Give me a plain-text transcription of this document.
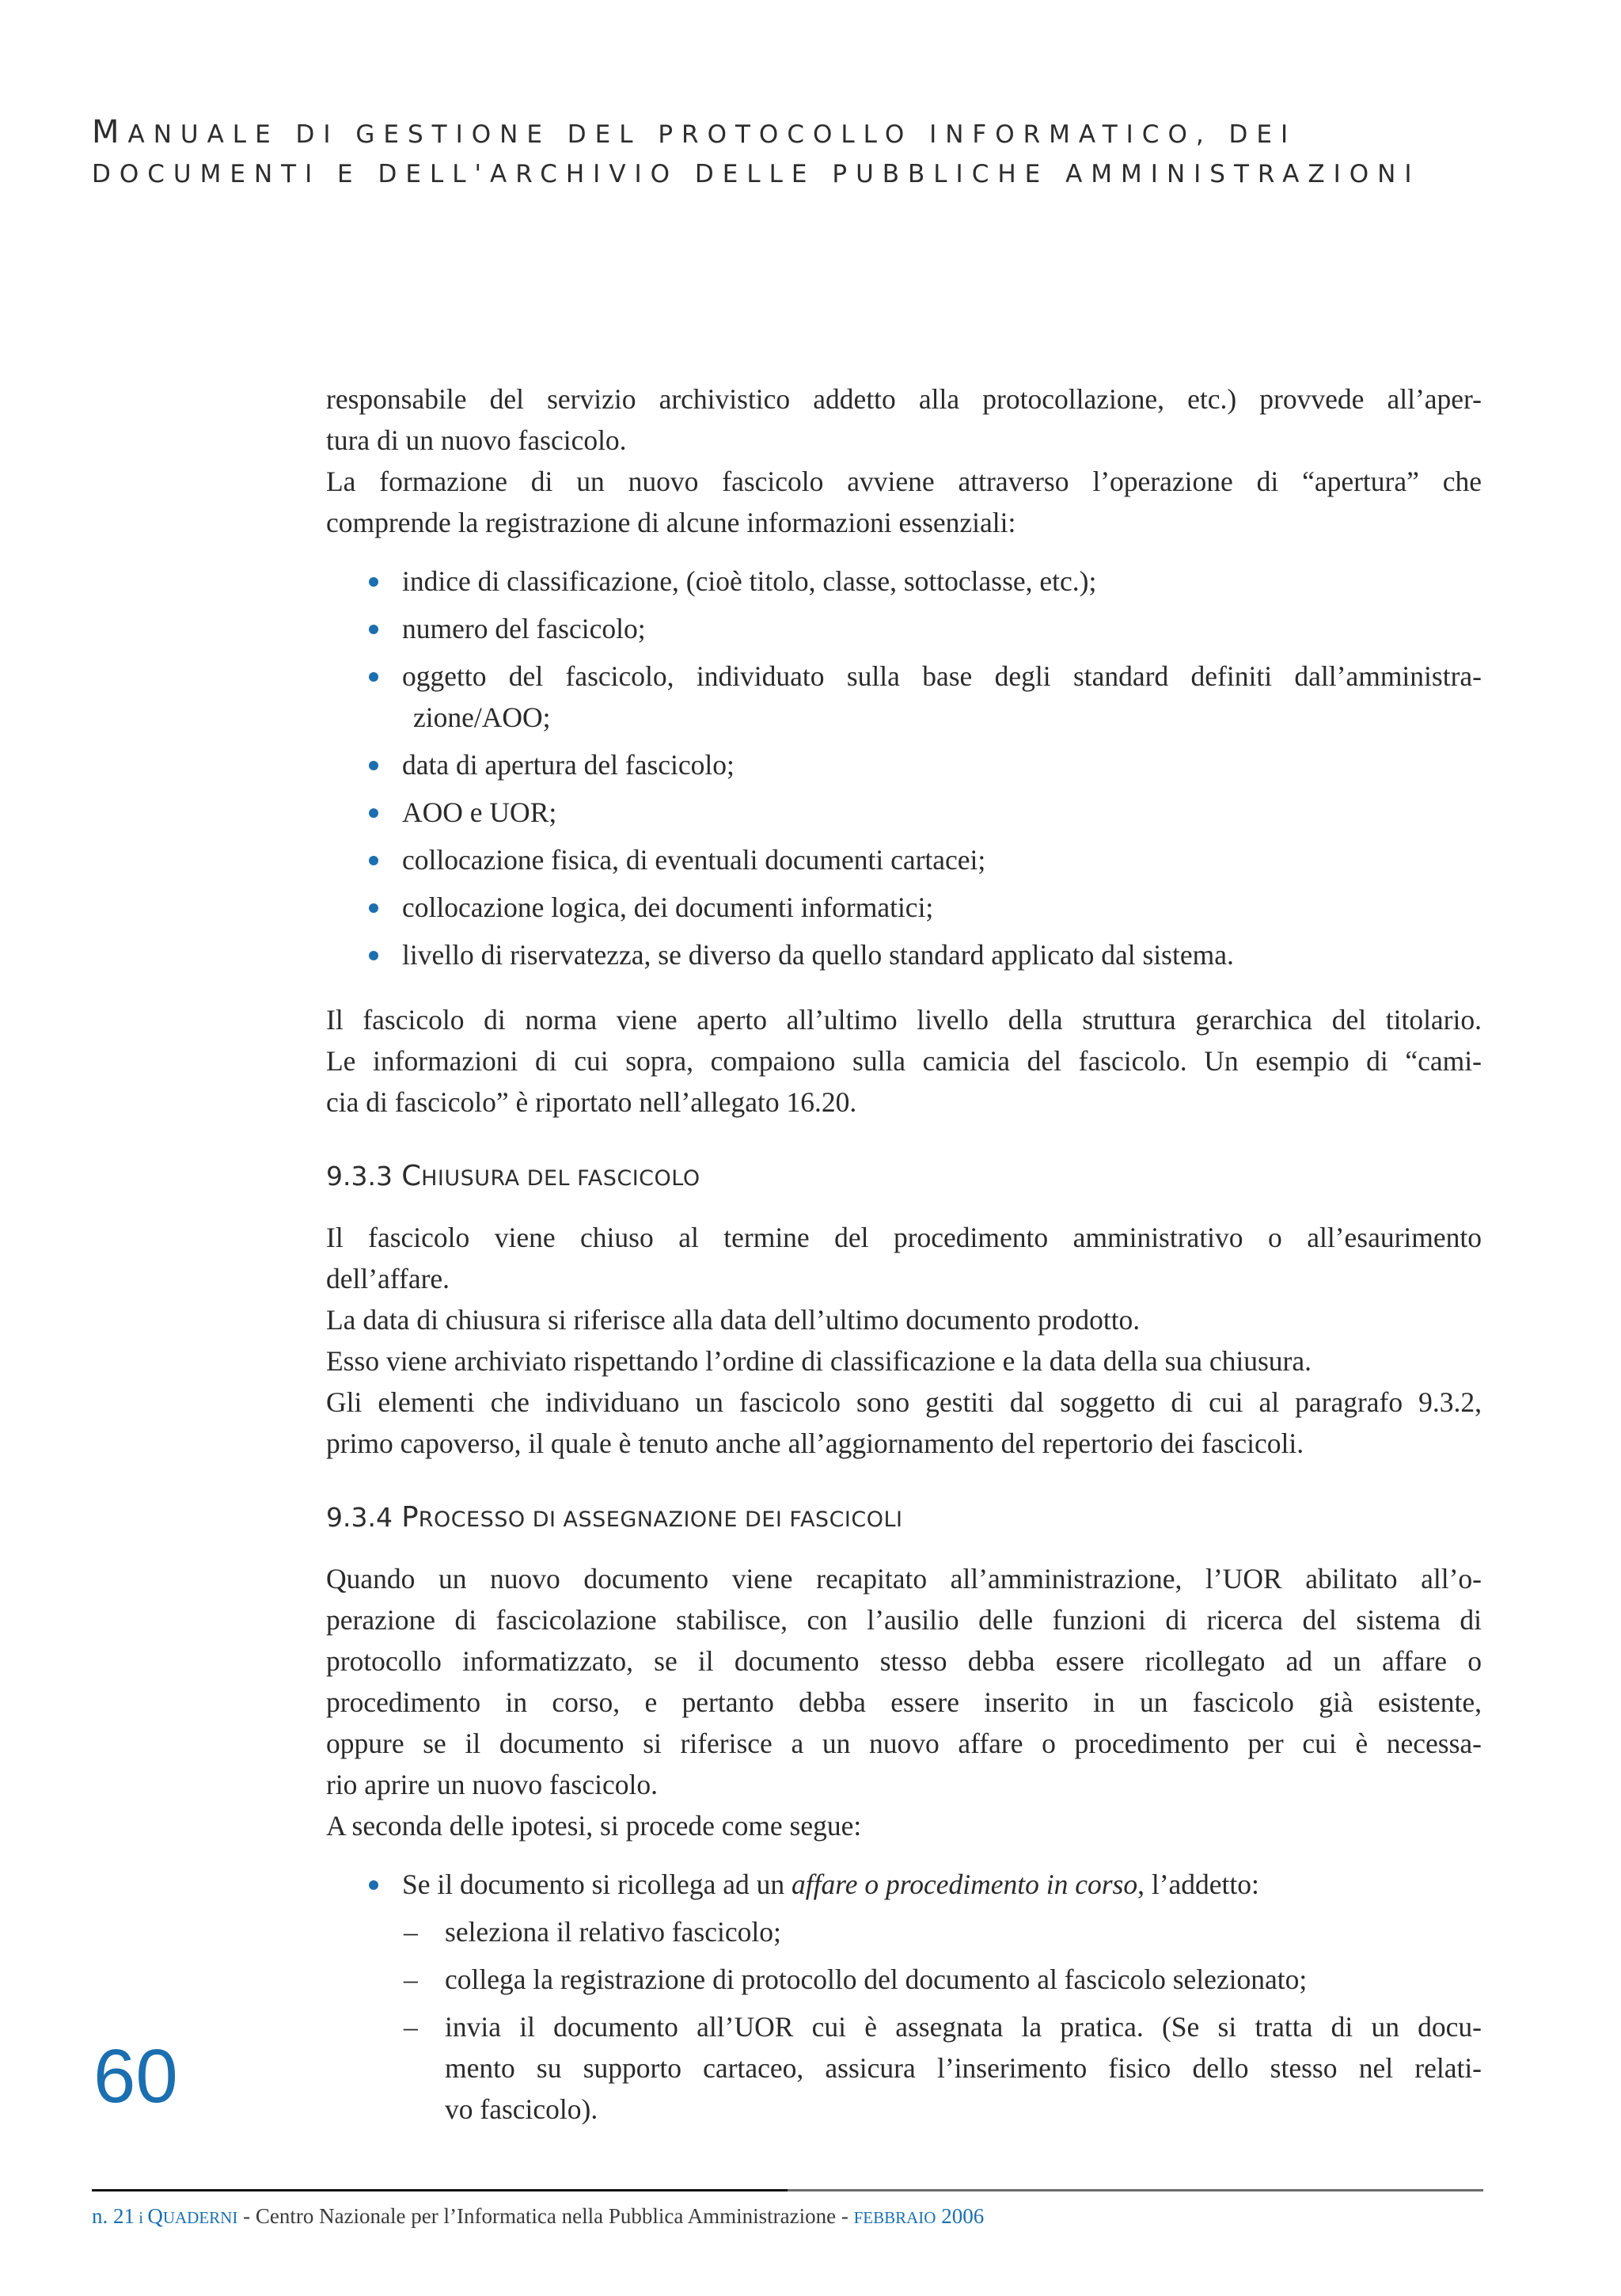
MANUALE DI GESTIONE DEL PROTOCOLLO INFORMATICO, DEI
DOCUMENTI E DELL'ARCHIVIO DELLE PUBBLICHE AMMINISTRAZIONI

responsabile del servizio archivistico addetto alla protocollazione, etc.) provvede all’aper-

tura di un nuovo fascicolo.

La formazione di un nuovo fascicolo avviene attraverso l’operazione di “apertura” che

comprende la registrazione di alcune informazioni essenziali:

indice di classificazione, (cioè titolo, classe, sottoclasse, etc.);
numero del fascicolo;
oggetto del fascicolo, individuato sulla base degli standard definiti dall’amministra-
zione/AOO;
data di apertura del fascicolo;
AOO e UOR;
collocazione fisica, di eventuali documenti cartacei;
collocazione logica, dei documenti informatici;
livello di riservatezza, se diverso da quello standard applicato dal sistema.

Il fascicolo di norma viene aperto all’ultimo livello della struttura gerarchica del titolario.

Le informazioni di cui sopra, compaiono sulla camicia del fascicolo. Un esempio di “cami-

cia di fascicolo” è riportato nell’allegato 16.20.

9.3.3 CHIUSURA DEL FASCICOLO

Il fascicolo viene chiuso al termine del procedimento amministrativo o all’esaurimento

dell’affare.

La data di chiusura si riferisce alla data dell’ultimo documento prodotto.

Esso viene archiviato rispettando l’ordine di classificazione e la data della sua chiusura.

Gli elementi che individuano un fascicolo sono gestiti dal soggetto di cui al paragrafo 9.3.2,

primo capoverso, il quale è tenuto anche all’aggiornamento del repertorio dei fascicoli.

9.3.4 PROCESSO DI ASSEGNAZIONE DEI FASCICOLI

Quando un nuovo documento viene recapitato all’amministrazione, l’UOR abilitato all’o-

perazione di fascicolazione stabilisce, con l’ausilio delle funzioni di ricerca del sistema di

protocollo informatizzato, se il documento stesso debba essere ricollegato ad un affare o

procedimento in corso, e pertanto debba essere inserito in un fascicolo già esistente,

oppure se il documento si riferisce a un nuovo affare o procedimento per cui è necessa-

rio aprire un nuovo fascicolo.

A seconda delle ipotesi, si procede come segue:

Se il documento si ricollega ad un affare o procedimento in corso, l’addetto:
– seleziona il relativo fascicolo;
– collega la registrazione di protocollo del documento al fascicolo selezionato;
– invia il documento all’UOR cui è assegnata la pratica. (Se si tratta di un docu-
mento su supporto cartaceo, assicura l’inserimento fisico dello stesso nel relati-
vo fascicolo).
60
n. 21 i QUADERNI - Centro Nazionale per l’Informatica nella Pubblica Amministrazione - FEBBRAIO 2006
